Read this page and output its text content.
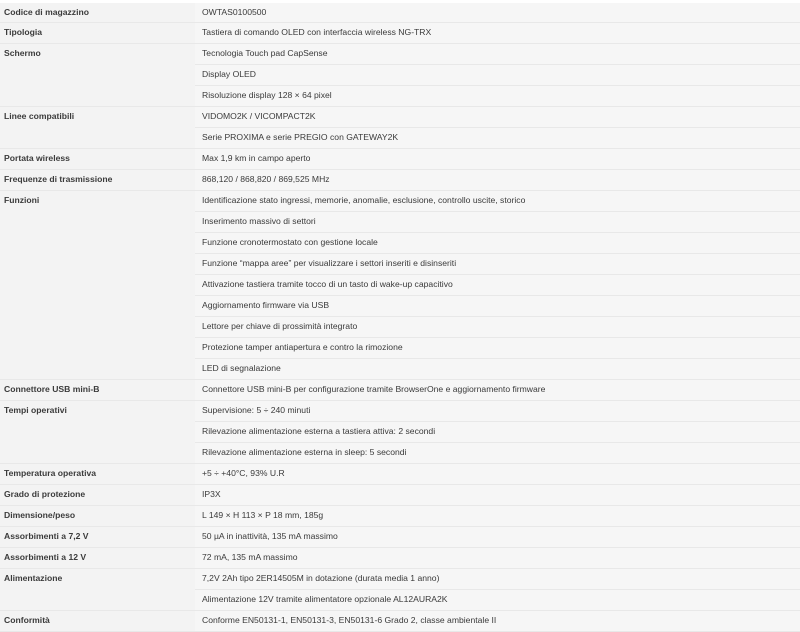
Codice di magazzino	OWTAS0100500
Tipologia	Tastiera di comando OLED con interfaccia wireless NG-TRX
Schermo	Tecnologia Touch pad CapSense
	Display OLED
	Risoluzione display 128 × 64 pixel
Linee compatibili	VIDOMO2K / VICOMPACT2K
	Serie PROXIMA e serie PREGIO con GATEWAY2K
Portata wireless	Max 1,9 km in campo aperto
Frequenze di trasmissione	868,120 / 868,820 / 869,525 MHz
Funzioni	Identificazione stato ingressi, memorie, anomalie, esclusione, controllo uscite, storico
	Inserimento massivo di settori
	Funzione cronotermostato con gestione locale
	Funzione “mappa aree” per visualizzare i settori inseriti e disinseriti
	Attivazione tastiera tramite tocco di un tasto di wake-up capacitivo
	Aggiornamento firmware via USB
	Lettore per chiave di prossimità integrato
	Protezione tamper antiapertura e contro la rimozione
	LED di segnalazione
Connettore USB mini-B	Connettore USB mini-B per configurazione tramite BrowserOne e aggiornamento firmware
Tempi operativi	Supervisione: 5 ÷ 240 minuti
	Rilevazione alimentazione esterna a tastiera attiva: 2 secondi
	Rilevazione alimentazione esterna in sleep: 5 secondi
Temperatura operativa	+5 ÷ +40°C, 93% U.R
Grado di protezione	IP3X
Dimensione/peso	L 149 × H 113 × P 18 mm, 185g
Assorbimenti a 7,2 V	50 µA in inattività, 135 mA massimo
Assorbimenti a 12 V	72 mA, 135 mA massimo
Alimentazione	7,2V 2Ah tipo 2ER14505M in dotazione (durata media 1 anno)
	Alimentazione 12V tramite alimentatore opzionale AL12AURA2K
Conformità	Conforme EN50131-1, EN50131-3, EN50131-6 Grado 2, classe ambientale II
